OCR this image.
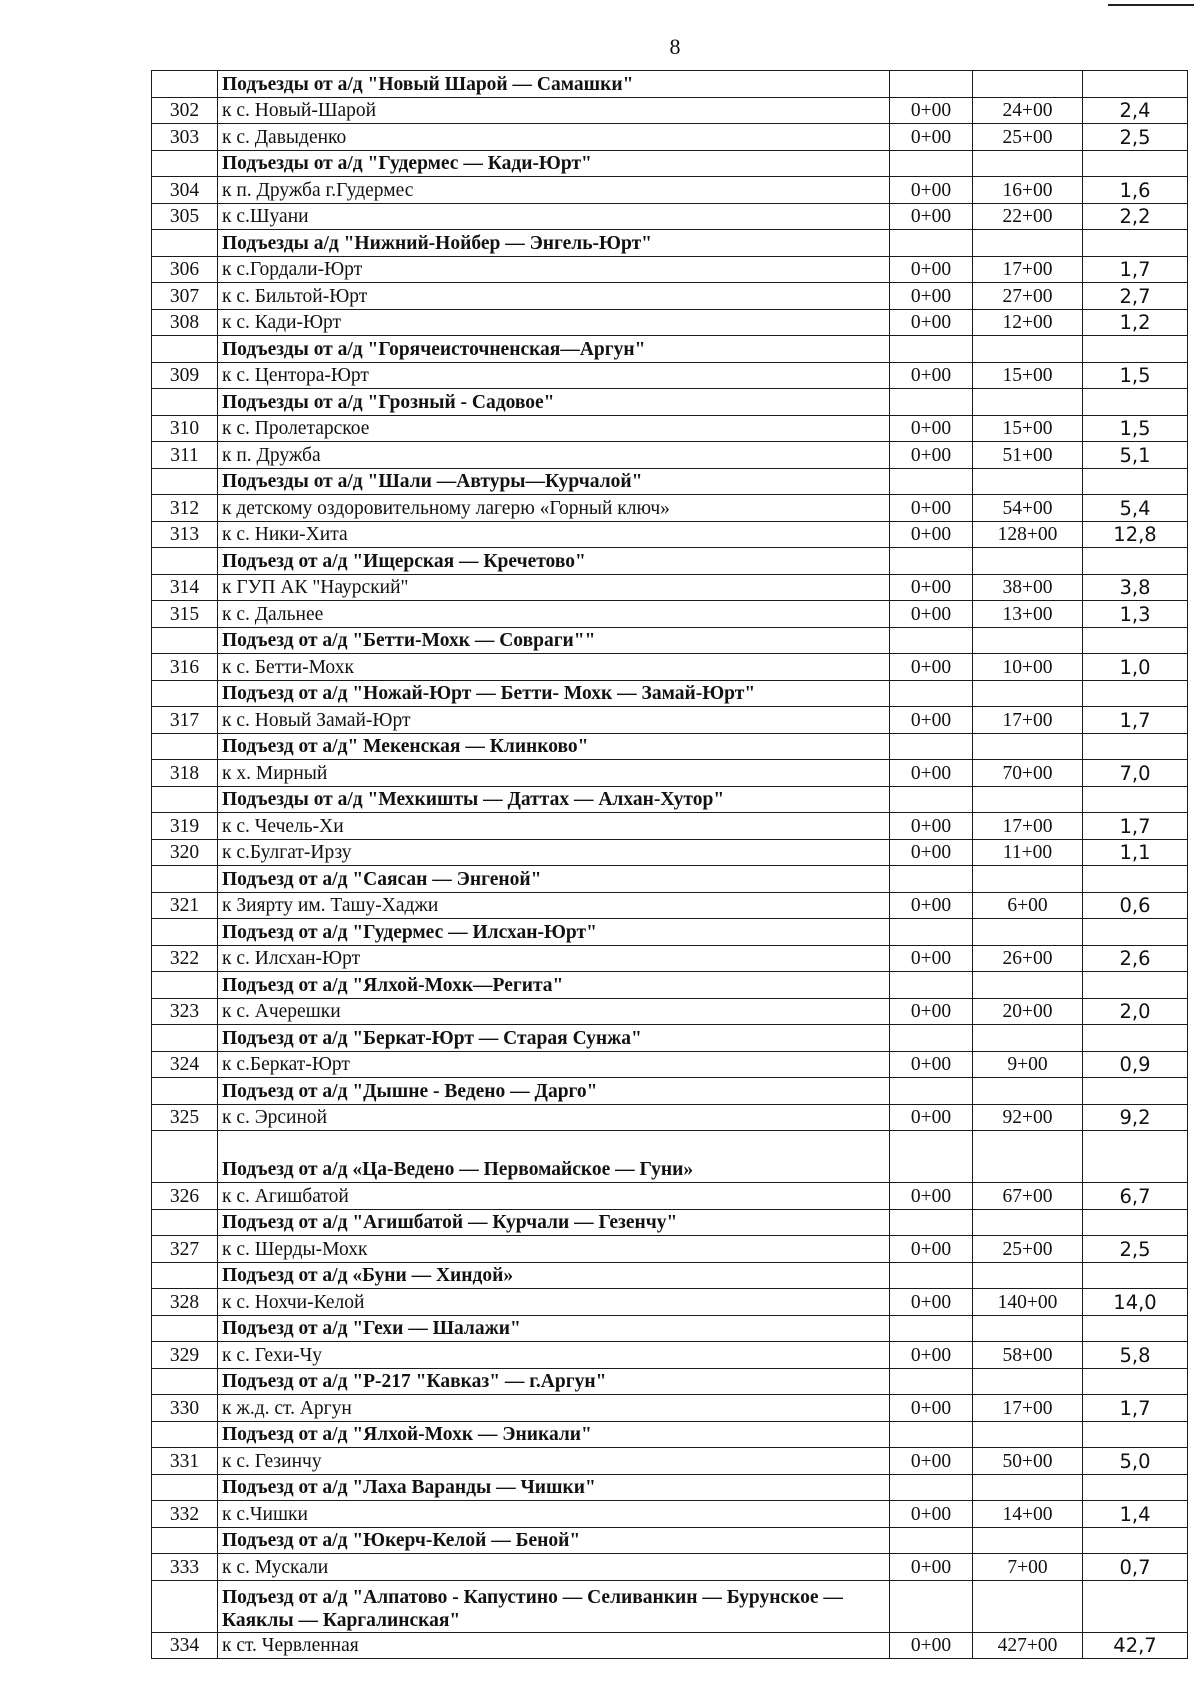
8
	Подъезды от а/д "Новый Шарой — Самашки"			
302	к с. Новый-Шарой	0+00	24+00	2,4
303	к с. Давыденко	0+00	25+00	2,5
	Подъезды от а/д "Гудермес — Кади-Юрт"			
304	к п. Дружба г.Гудермес	0+00	16+00	1,6
305	к с.Шуани	0+00	22+00	2,2
	Подъезды а/д "Нижний-Нойбер — Энгель-Юрт"			
306	к с.Гордали-Юрт	0+00	17+00	1,7
307	к с. Бильтой-Юрт	0+00	27+00	2,7
308	к с. Кади-Юрт	0+00	12+00	1,2
	Подъезды от а/д "Горячеисточненская—Аргун"			
309	к с. Центора-Юрт	0+00	15+00	1,5
	Подъезды от а/д "Грозный - Садовое"			
310	к с. Пролетарское	0+00	15+00	1,5
311	к п. Дружба	0+00	51+00	5,1
	Подъезды от а/д "Шали —Автуры—Курчалой"			
312	к детскому оздоровительному лагерю «Горный ключ»	0+00	54+00	5,4
313	к с. Ники-Хита	0+00	128+00	12,8
	Подъезд от а/д "Ищерская — Кречетово"			
314	к ГУП АК "Наурский"	0+00	38+00	3,8
315	к с. Дальнее	0+00	13+00	1,3
	Подъезд от а/д "Бетти-Мохк — Совраги""			
316	к с. Бетти-Мохк	0+00	10+00	1,0
	Подъезд от а/д "Ножай-Юрт — Бетти- Мохк — Замай-Юрт"			
317	к с. Новый Замай-Юрт	0+00	17+00	1,7
	Подъезд от а/д" Мекенская — Клинково"			
318	к х. Мирный	0+00	70+00	7,0
	Подъезды от а/д "Мехкишты — Даттах — Алхан-Хутор"			
319	к с. Чечель-Хи	0+00	17+00	1,7
320	к с.Булгат-Ирзу	0+00	11+00	1,1
	Подъезд от а/д "Саясан — Энгеной"			
321	к Зиярту им. Ташу-Хаджи	0+00	6+00	0,6
	Подъезд от а/д "Гудермес — Илсхан-Юрт"			
322	к с. Илсхан-Юрт	0+00	26+00	2,6
	Подъезд от а/д "Ялхой-Мохк—Регита"			
323	к с. Ачерешки	0+00	20+00	2,0
	Подъезд от а/д "Беркат-Юрт — Старая Сунжа"			
324	к с.Беркат-Юрт	0+00	9+00	0,9
	Подъезд от а/д "Дышне - Ведено — Дарго"			
325	к с. Эрсиной	0+00	92+00	9,2
	Подъезд от а/д «Ца-Ведено — Первомайское — Гуни»			
326	к с. Агишбатой	0+00	67+00	6,7
	Подъезд от а/д "Агишбатой — Курчали — Гезенчу"			
327	к с. Шерды-Мохк	0+00	25+00	2,5
	Подъезд от а/д «Буни — Хиндой»			
328	к с. Нохчи-Келой	0+00	140+00	14,0
	Подъезд от а/д "Гехи — Шалажи"			
329	к с. Гехи-Чу	0+00	58+00	5,8
	Подъезд от а/д "Р-217 "Кавказ" — г.Аргун"			
330	к ж.д. ст. Аргун	0+00	17+00	1,7
	Подъезд от а/д "Ялхой-Мохк — Эникали"			
331	к с. Гезинчу	0+00	50+00	5,0
	Подъезд от а/д "Лаха Варанды — Чишки"			
332	к с.Чишки	0+00	14+00	1,4
	Подъезд от а/д "Юкерч-Келой — Беной"			
333	к с. Мускали	0+00	7+00	0,7
	Подъезд от а/д "Алпатово - Капустино — Селиванкин — Бурунское — Каяклы — Каргалинская"			
334	к ст. Червленная	0+00	427+00	42,7
